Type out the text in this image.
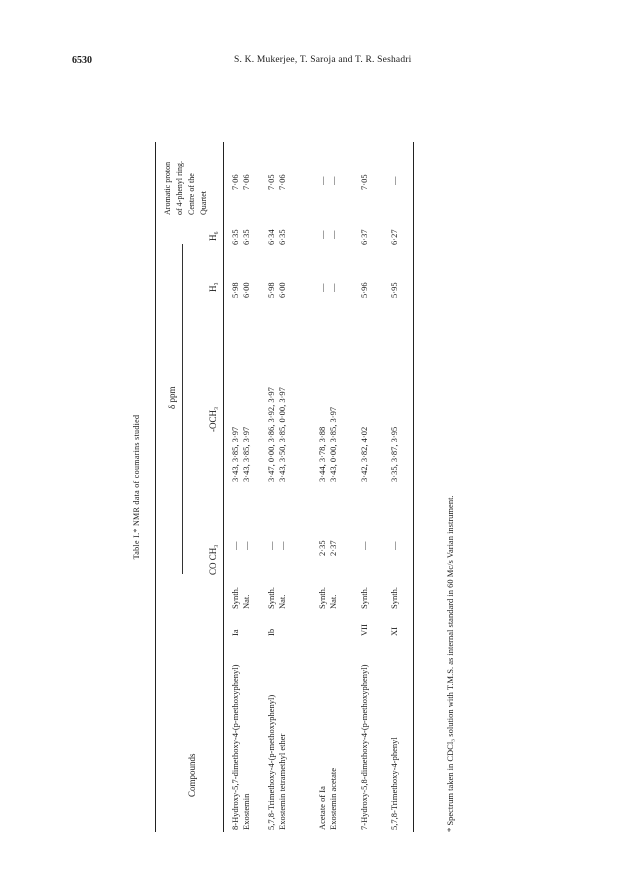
6530	S. K. Mukerjee, T. Saroja and T. R. Seshadri
Table I.* NMR data of coumarins studied
Compounds
δ ppm
CO CH₃
-OCH₃
H₃
H₆
Aromatic proton of 4-phenyl ring. Centre of the Quartet
8-Hydroxy-5,7-dimethoxy-4-(p-methoxyphenyl)
Ia
Synth.
—
3·43, 3·85, 3·97
5·98
6·35
7·06
Exostemin
Nat.
—
3·43, 3·85, 3·97
6·00
6·35
7·06
5,7,8-Trimethoxy-4-(p-methoxyphenyl)
Ib
Synth.
—
3·47, 0·00, 3·86, 3·92, 3·97
5·98
6·34
7·05
Exostemin tetramethyl ether
Nat.
—
3·43, 3·50, 3·85, 0·00, 3·97
6·00
6·35
7·06
Acetate of Ia
Synth.
2·35
3·44, 3·78, 3·88
—
—
—
Exostemin acetate
Nat.
2·37
3·43, 0·00, 3·85, 3·97
—
—
—
7-Hydroxy-5,8-dimethoxy-4-(p-methoxyphenyl)
VII
Synth.
—
3·42, 3·82, 4·02
5·96
6·37
7·05
5,7,8-Trimethoxy-4-phenyl
XI
Synth.
—
3·35, 3·87, 3·95
5·95
6·27
—
* Spectrum taken in CDCl₃ solution with T.M.S. as internal standard in 60 Mc/s Varian instrument.
